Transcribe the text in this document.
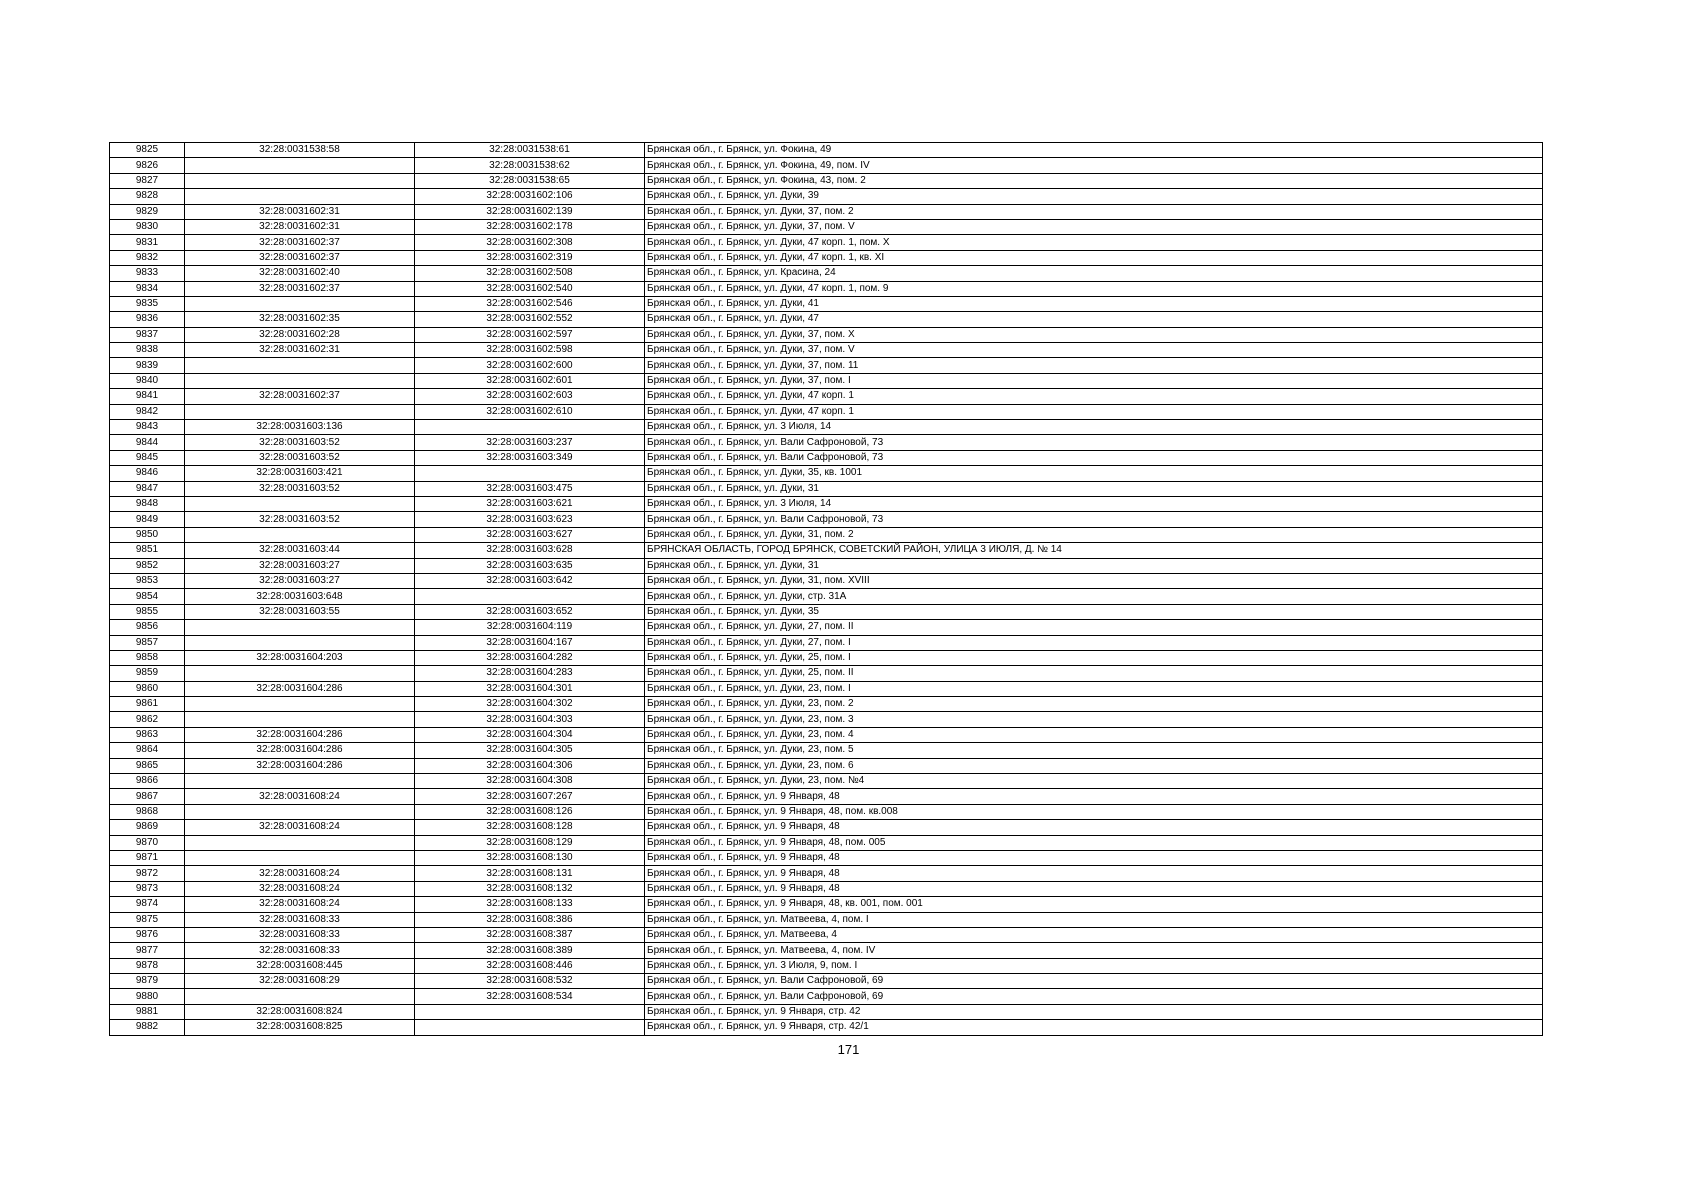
9825	32:28:0031538:58	32:28:0031538:61	Брянская обл., г. Брянск, ул. Фокина, 49
9826		32:28:0031538:62	Брянская обл., г. Брянск, ул. Фокина, 49, пом. IV
9827		32:28:0031538:65	Брянская обл., г. Брянск, ул. Фокина, 43, пом. 2
9828		32:28:0031602:106	Брянская обл., г. Брянск, ул. Дуки, 39
9829	32:28:0031602:31	32:28:0031602:139	Брянская обл., г. Брянск, ул. Дуки, 37, пом. 2
9830	32:28:0031602:31	32:28:0031602:178	Брянская обл., г. Брянск, ул. Дуки, 37, пом. V
9831	32:28:0031602:37	32:28:0031602:308	Брянская обл., г. Брянск, ул. Дуки, 47 корп. 1, пом. X
9832	32:28:0031602:37	32:28:0031602:319	Брянская обл., г. Брянск, ул. Дуки, 47 корп. 1, кв. XI
9833	32:28:0031602:40	32:28:0031602:508	Брянская обл., г. Брянск, ул. Красина, 24
9834	32:28:0031602:37	32:28:0031602:540	Брянская обл., г. Брянск, ул. Дуки, 47 корп. 1, пом. 9
9835		32:28:0031602:546	Брянская обл., г. Брянск, ул. Дуки, 41
9836	32:28:0031602:35	32:28:0031602:552	Брянская обл., г. Брянск, ул. Дуки, 47
9837	32:28:0031602:28	32:28:0031602:597	Брянская обл., г. Брянск, ул. Дуки, 37, пом. X
9838	32:28:0031602:31	32:28:0031602:598	Брянская обл., г. Брянск, ул. Дуки, 37, пом. V
9839		32:28:0031602:600	Брянская обл., г. Брянск, ул. Дуки, 37, пом. 11
9840		32:28:0031602:601	Брянская обл., г. Брянск, ул. Дуки, 37, пом. I
9841	32:28:0031602:37	32:28:0031602:603	Брянская обл., г. Брянск, ул. Дуки, 47 корп. 1
9842		32:28:0031602:610	Брянская обл., г. Брянск, ул. Дуки, 47 корп. 1
9843	32:28:0031603:136		Брянская обл., г. Брянск, ул. 3 Июля, 14
9844	32:28:0031603:52	32:28:0031603:237	Брянская обл., г. Брянск, ул. Вали Сафроновой, 73
9845	32:28:0031603:52	32:28:0031603:349	Брянская обл., г. Брянск, ул. Вали Сафроновой, 73
9846	32:28:0031603:421		Брянская обл., г. Брянск, ул. Дуки, 35, кв. 1001
9847	32:28:0031603:52	32:28:0031603:475	Брянская обл., г. Брянск, ул. Дуки, 31
9848		32:28:0031603:621	Брянская обл., г. Брянск, ул. 3 Июля, 14
9849	32:28:0031603:52	32:28:0031603:623	Брянская обл., г. Брянск, ул. Вали Сафроновой, 73
9850		32:28:0031603:627	Брянская обл., г. Брянск, ул. Дуки, 31, пом. 2
9851	32:28:0031603:44	32:28:0031603:628	БРЯНСКАЯ ОБЛАСТЬ, ГОРОД БРЯНСК, СОВЕТСКИЙ РАЙОН, УЛИЦА 3 ИЮЛЯ, Д. № 14
9852	32:28:0031603:27	32:28:0031603:635	Брянская обл., г. Брянск, ул. Дуки, 31
9853	32:28:0031603:27	32:28:0031603:642	Брянская обл., г. Брянск, ул. Дуки, 31, пом. XVIII
9854	32:28:0031603:648		Брянская обл., г. Брянск, ул. Дуки, стр. 31А
9855	32:28:0031603:55	32:28:0031603:652	Брянская обл., г. Брянск, ул. Дуки, 35
9856		32:28:0031604:119	Брянская обл., г. Брянск, ул. Дуки, 27, пом. II
9857		32:28:0031604:167	Брянская обл., г. Брянск, ул. Дуки, 27, пом. I
9858	32:28:0031604:203	32:28:0031604:282	Брянская обл., г. Брянск, ул. Дуки, 25, пом. I
9859		32:28:0031604:283	Брянская обл., г. Брянск, ул. Дуки, 25, пом. II
9860	32:28:0031604:286	32:28:0031604:301	Брянская обл., г. Брянск, ул. Дуки, 23, пом. I
9861		32:28:0031604:302	Брянская обл., г. Брянск, ул. Дуки, 23, пом. 2
9862		32:28:0031604:303	Брянская обл., г. Брянск, ул. Дуки, 23, пом. 3
9863	32:28:0031604:286	32:28:0031604:304	Брянская обл., г. Брянск, ул. Дуки, 23, пом. 4
9864	32:28:0031604:286	32:28:0031604:305	Брянская обл., г. Брянск, ул. Дуки, 23, пом. 5
9865	32:28:0031604:286	32:28:0031604:306	Брянская обл., г. Брянск, ул. Дуки, 23, пом. 6
9866		32:28:0031604:308	Брянская обл., г. Брянск, ул. Дуки, 23, пом. №4
9867	32:28:0031608:24	32:28:0031607:267	Брянская обл., г. Брянск, ул. 9 Января, 48
9868		32:28:0031608:126	Брянская обл., г. Брянск, ул. 9 Января, 48, пом. кв.008
9869	32:28:0031608:24	32:28:0031608:128	Брянская обл., г. Брянск, ул. 9 Января, 48
9870		32:28:0031608:129	Брянская обл., г. Брянск, ул. 9 Января, 48, пом. 005
9871		32:28:0031608:130	Брянская обл., г. Брянск, ул. 9 Января, 48
9872	32:28:0031608:24	32:28:0031608:131	Брянская обл., г. Брянск, ул. 9 Января, 48
9873	32:28:0031608:24	32:28:0031608:132	Брянская обл., г. Брянск, ул. 9 Января, 48
9874	32:28:0031608:24	32:28:0031608:133	Брянская обл., г. Брянск, ул. 9 Января, 48, кв. 001, пом. 001
9875	32:28:0031608:33	32:28:0031608:386	Брянская обл., г. Брянск, ул. Матвеева, 4, пом. I
9876	32:28:0031608:33	32:28:0031608:387	Брянская обл., г. Брянск, ул. Матвеева, 4
9877	32:28:0031608:33	32:28:0031608:389	Брянская обл., г. Брянск, ул. Матвеева, 4, пом. IV
9878	32:28:0031608:445	32:28:0031608:446	Брянская обл., г. Брянск, ул. 3 Июля, 9, пом. I
9879	32:28:0031608:29	32:28:0031608:532	Брянская обл., г. Брянск, ул. Вали Сафроновой, 69
9880		32:28:0031608:534	Брянская обл., г. Брянск, ул. Вали Сафроновой, 69
9881	32:28:0031608:824		Брянская обл., г. Брянск, ул. 9 Января, стр. 42
9882	32:28:0031608:825		Брянская обл., г. Брянск, ул. 9 Января, стр. 42/1
171
